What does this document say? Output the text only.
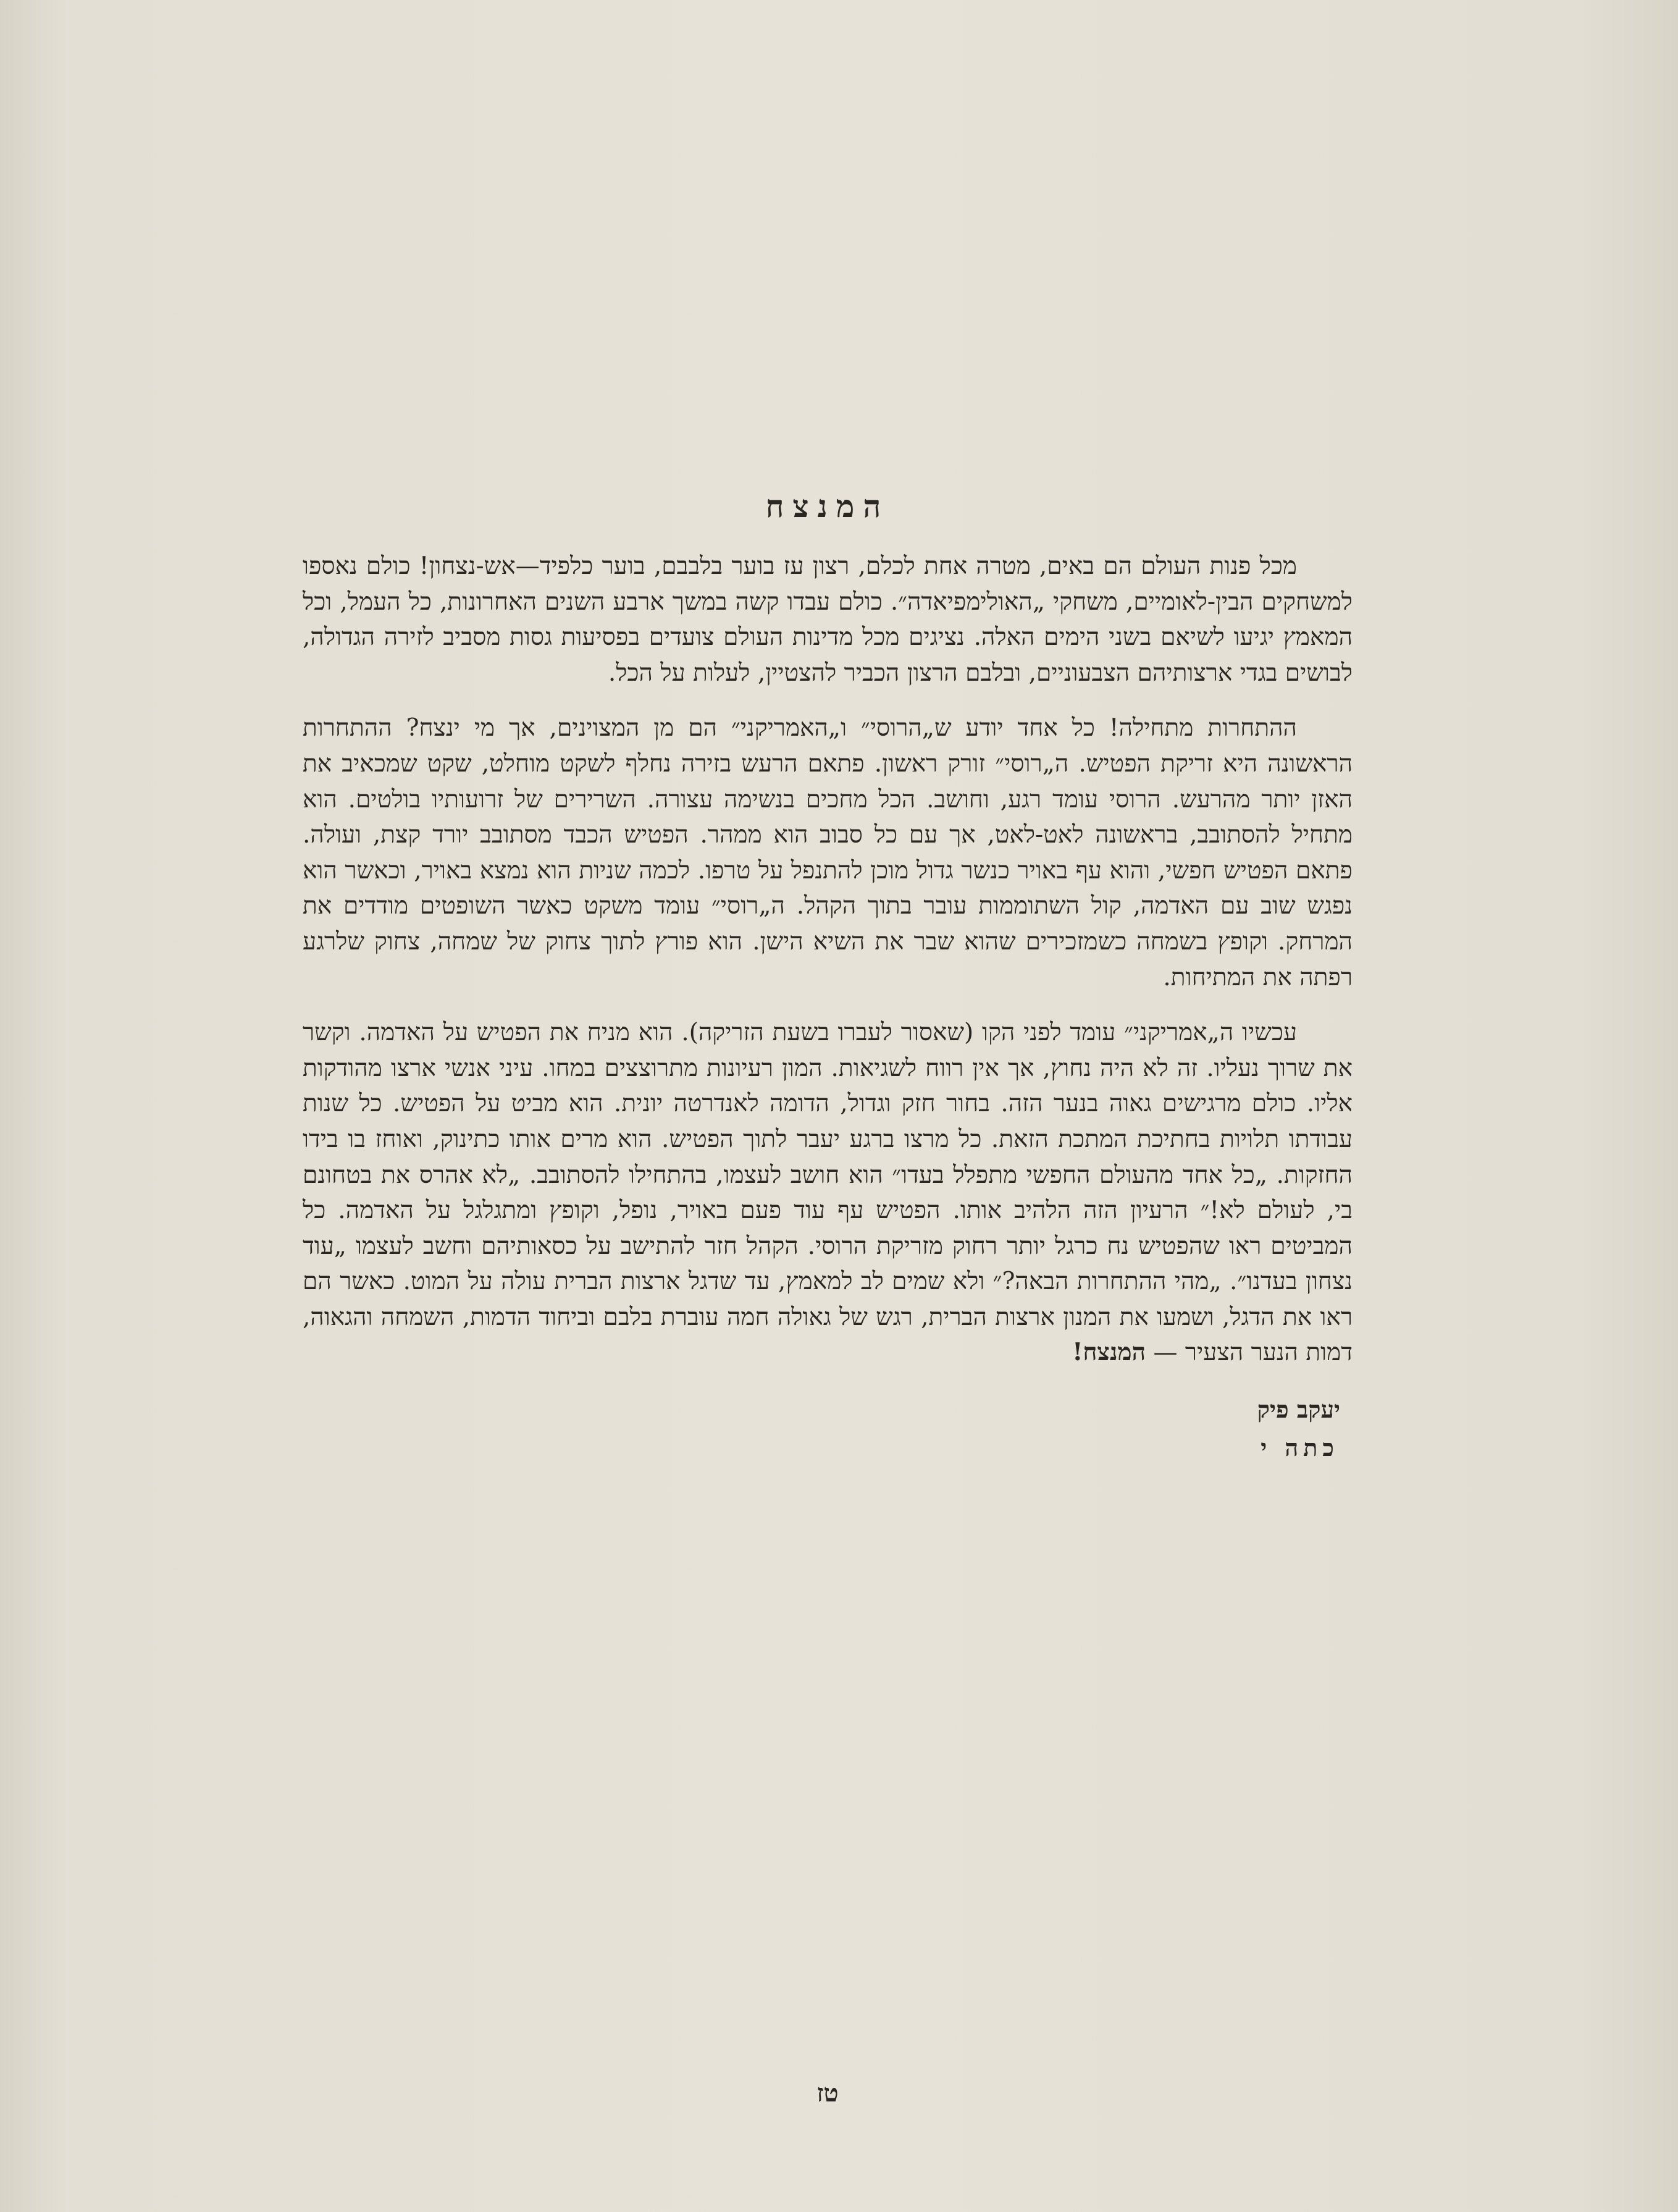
המנצח

מכל פנות העולם הם באים, מטרה אחת לכלם, רצון עז בוער בלבבם, בוער כלפיד—אש-נצחון! כולם נאספו למשחקים הבין-לאומיים, משחקי „האולימפיאדה״. כולם עבדו קשה במשך ארבע השנים האחרונות, כל העמל, וכל המאמץ יגיעו לשיאם בשני הימים האלה. נציגים מכל מדינות העולם צועדים בפסיעות גסות מסביב לזירה הגדולה, לבושים בגדי ארצותיהם הצבעוניים, ובלבם הרצון הכביר להצטיין, לעלות על הכל.

ההתחרות מתחילה! כל אחד יודע ש„הרוסי״ ו„האמריקני״ הם מן המצוינים, אך מי ינצח? ההתחרות הראשונה היא זריקת הפטיש. ה„רוסי״ זורק ראשון. פתאם הרעש בזירה נחלף לשקט מוחלט, שקט שמכאיב את האזן יותר מהרעש. הרוסי עומד רגע, וחושב. הכל מחכים בנשימה עצורה. השרירים של זרועותיו בולטים. הוא מתחיל להסתובב, בראשונה לאט-לאט, אך עם כל סבוב הוא ממהר. הפטיש הכבד מסתובב יורד קצת, ועולה. פתאם הפטיש חפשי, והוא עף באויר כנשר גדול מוכן להתנפל על טרפו. לכמה שניות הוא נמצא באויר, וכאשר הוא נפגש שוב עם האדמה, קול השתוממות עובר בתוך הקהל. ה„רוסי״ עומד משקט כאשר השופטים מודדים את המרחק. וקופץ בשמחה כשמזכירים שהוא שבר את השיא הישן. הוא פורץ לתוך צחוק של שמחה, צחוק שלרגע רפתה את המתיחות.

עכשיו ה„אמריקני״ עומד לפני הקו (שאסור לעברו בשעת הזריקה). הוא מניח את הפטיש על האדמה. וקשר את שרוך נעליו. זה לא היה נחוץ, אך אין רווח לשגיאות. המון רעיונות מתרוצצים במחו. עיני אנשי ארצו מהודקות אליו. כולם מרגישים גאוה בנער הזה. בחור חזק וגדול, הדומה לאנדרטה יונית. הוא מביט על הפטיש. כל שנות עבודתו תלויות בחתיכת המתכת הזאת. כל מרצו ברגע יעבר לתוך הפטיש. הוא מרים אותו כתינוק, ואוחז בו בידו החזקות. „כל אחד מהעולם החפשי מתפלל בעדו״ הוא חושב לעצמו, בהתחילו להסתובב. „לא אהרס את בטחונם בי, לעולם לא!״ הרעיון הזה הלהיב אותו. הפטיש עף עוד פעם באויר, נופל, וקופץ ומתגלגל על האדמה. כל המביטים ראו שהפטיש נח כרגל יותר רחוק מזריקת הרוסי. הקהל חזר להתישב על כסאותיהם וחשב לעצמו „עוד נצחון בעדנו״. „מהי ההתחרות הבאה?״ ולא שמים לב למאמץ, עד שדגל ארצות הברית עולה על המוט. כאשר הם ראו את הדגל, ושמעו את המנון ארצות הברית, רגש של גאולה חמה עוברת בלבם וביחוד הדמות, השמחה והגאוה, דמות הנער הצעיר — המנצח!

יעקב פיק
כתה י
טז
